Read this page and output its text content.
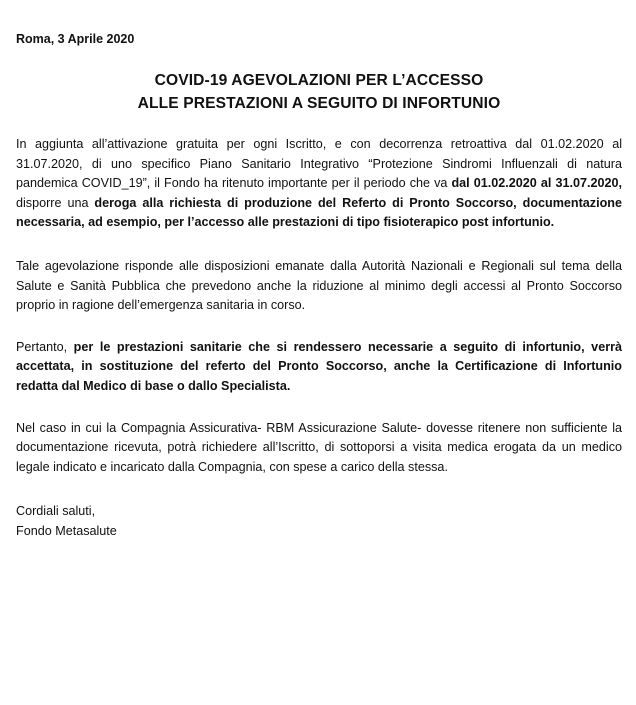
Roma, 3 Aprile 2020

COVID-19 AGEVOLAZIONI PER L’ACCESSO
ALLE PRESTAZIONI A SEGUITO DI INFORTUNIO

In aggiunta all’attivazione gratuita per ogni Iscritto, e con decorrenza retroattiva dal 01.02.2020 al 31.07.2020, di uno specifico Piano Sanitario Integrativo “Protezione Sindromi Influenzali di natura pandemica COVID_19”, il Fondo ha ritenuto importante per il periodo che va dal 01.02.2020 al 31.07.2020, disporre una deroga alla richiesta di produzione del Referto di Pronto Soccorso, documentazione necessaria, ad esempio, per l’accesso alle prestazioni di tipo fisioterapico post infortunio.

Tale agevolazione risponde alle disposizioni emanate dalla Autorità Nazionali e Regionali sul tema della Salute e Sanità Pubblica che prevedono anche la riduzione al minimo degli accessi al Pronto Soccorso proprio in ragione dell’emergenza sanitaria in corso.

Pertanto, per le prestazioni sanitarie che si rendessero necessarie a seguito di infortunio, verrà accettata, in sostituzione del referto del Pronto Soccorso, anche la Certificazione di Infortunio redatta dal Medico di base o dallo Specialista.

Nel caso in cui la Compagnia Assicurativa- RBM Assicurazione Salute- dovesse ritenere non sufficiente la documentazione ricevuta, potrà richiedere all’Iscritto, di sottoporsi a visita medica erogata da un medico legale indicato e incaricato dalla Compagnia, con spese a carico della stessa.

Cordiali saluti,
Fondo Metasalute
